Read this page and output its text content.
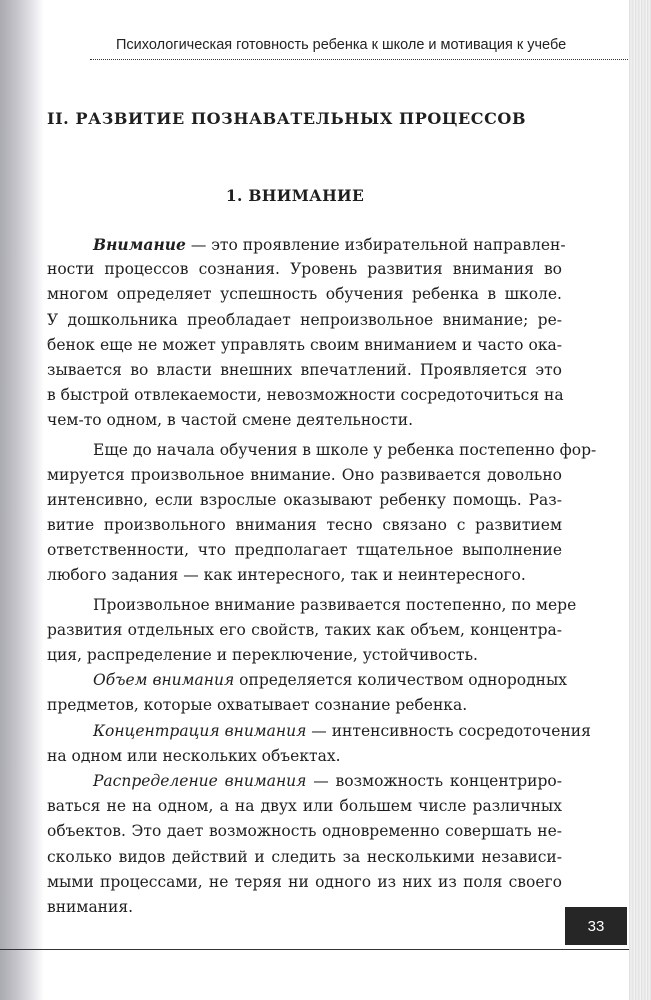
Психологическая готовность ребенка к школе и мотивация к учебе
II. РАЗВИТИЕ ПОЗНАВАТЕЛЬНЫХ ПРОЦЕССОВ
1. ВНИМАНИЕ
Внимание — это проявление избирательной направлен-
ности процессов сознания. Уровень развития внимания во
многом определяет успешность обучения ребенка в школе.
У дошкольника преобладает непроизвольное внимание; ре-
бенок еще не может управлять своим вниманием и часто ока-
зывается во власти внешних впечатлений. Проявляется это
в быстрой отвлекаемости, невозможности сосредоточиться на
чем-то одном, в частой смене деятельности.
Еще до начала обучения в школе у ребенка постепенно фор-
мируется произвольное внимание. Оно развивается довольно
интенсивно, если взрослые оказывают ребенку помощь. Раз-
витие произвольного внимания тесно связано с развитием
ответственности, что предполагает тщательное выполнение
любого задания — как интересного, так и неинтересного.
Произвольное внимание развивается постепенно, по мере
развития отдельных его свойств, таких как объем, концентра-
ция, распределение и переключение, устойчивость.
Объем внимания определяется количеством однородных
предметов, которые охватывает сознание ребенка.
Концентрация внимания — интенсивность сосредоточения
на одном или нескольких объектах.
Распределение внимания — возможность концентриро-
ваться не на одном, а на двух или большем числе различных
объектов. Это дает возможность одновременно совершать не-
сколько видов действий и следить за несколькими независи-
мыми процессами, не теряя ни одного из них из поля своего
внимания.
33
